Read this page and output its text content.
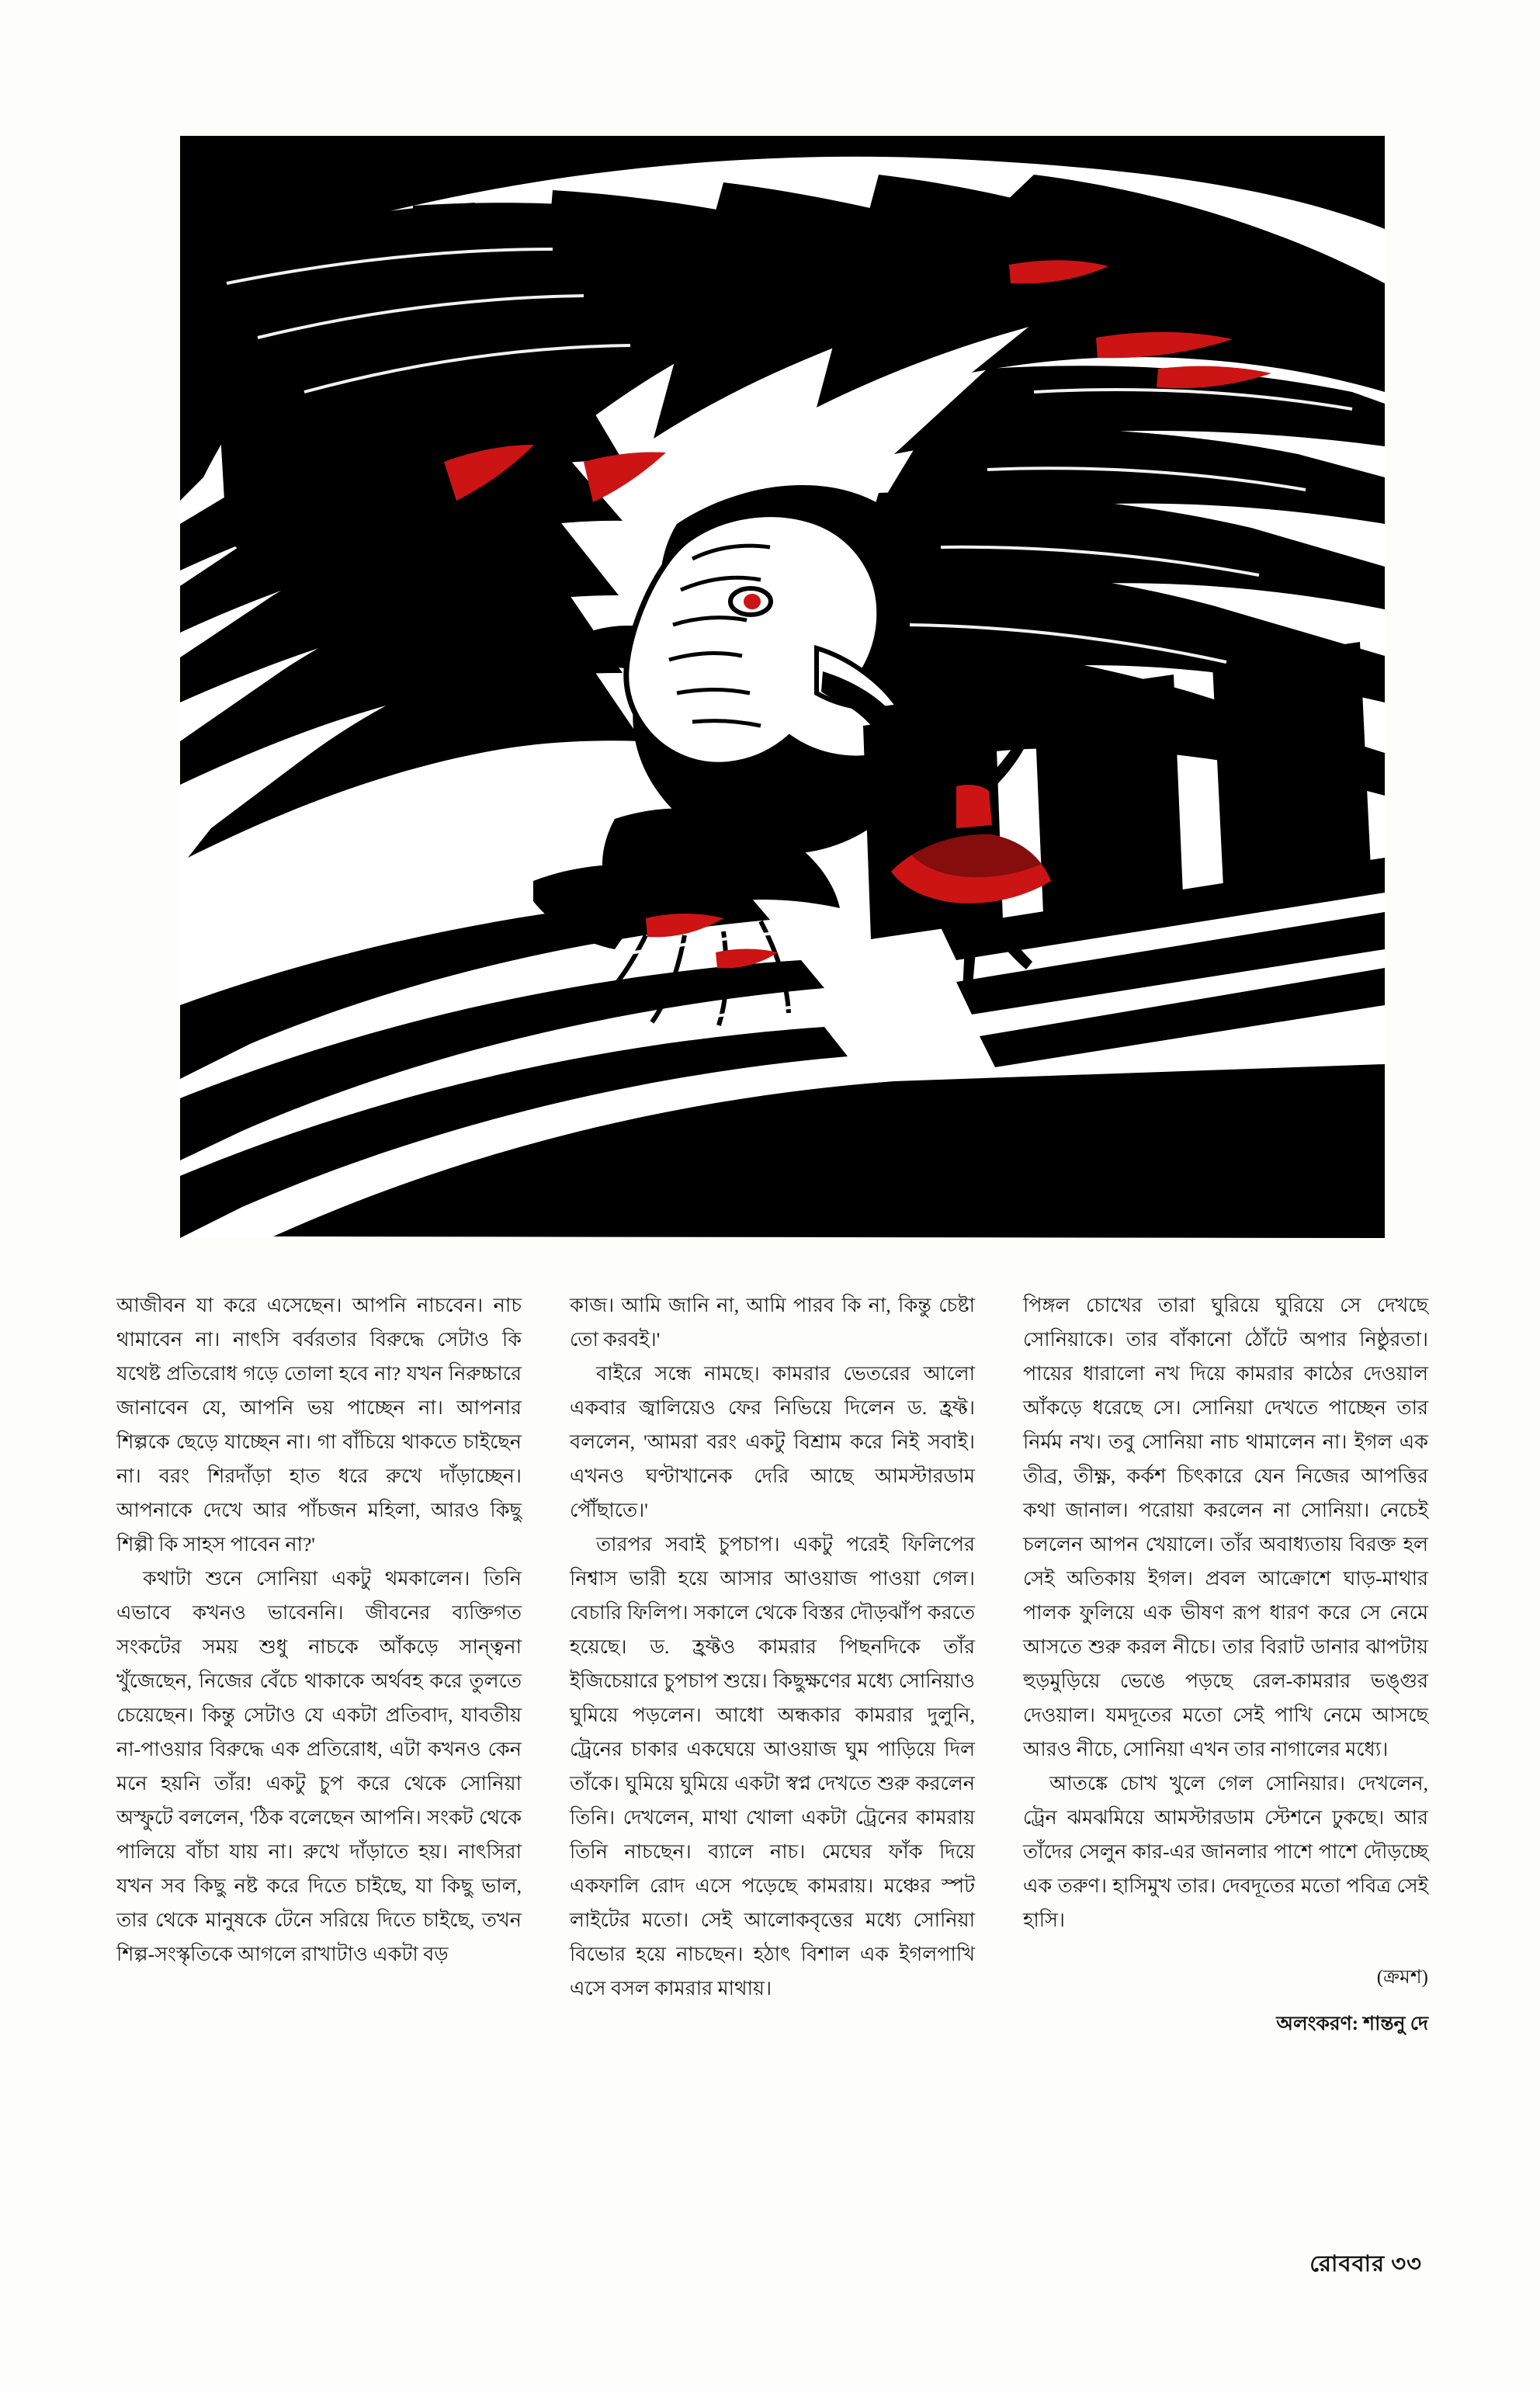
আজীবন যা করে এসেছেন। আপনি নাচবেন। নাচ থামাবেন না। নাৎসি বর্বরতার বিরুদ্ধে সেটাও কি যথেষ্ট প্রতিরোধ গড়ে তোলা হবে না? যখন নিরুচ্চারে জানাবেন যে, আপনি ভয় পাচ্ছেন না। আপনার শিল্পকে ছেড়ে যাচ্ছেন না। গা বাঁচিয়ে থাকতে চাইছেন না। বরং শিরদাঁড়া হাত ধরে রুখে দাঁড়াচ্ছেন। আপনাকে দেখে আর পাঁচজন মহিলা, আরও কিছু শিল্পী কি সাহস পাবেন না?'

কথাটা শুনে সোনিয়া একটু থমকালেন। তিনি এভাবে কখনও ভাবেননি। জীবনের ব্যক্তিগত সংকটের সময় শুধু নাচকে আঁকড়ে সান্ত্বনা খুঁজেছেন, নিজের বেঁচে থাকাকে অর্থবহ করে তুলতে চেয়েছেন। কিন্তু সেটাও যে একটা প্রতিবাদ, যাবতীয় না-পাওয়ার বিরুদ্ধে এক প্রতিরোধ, এটা কখনও কেন মনে হয়নি তাঁর! একটু চুপ করে থেকে সোনিয়া অস্ফুটে বললেন, 'ঠিক বলেছেন আপনি। সংকট থেকে পালিয়ে বাঁচা যায় না। রুখে দাঁড়াতে হয়। নাৎসিরা যখন সব কিছু নষ্ট করে দিতে চাইছে, যা কিছু ভাল, তার থেকে মানুষকে টেনে সরিয়ে দিতে চাইছে, তখন শিল্প-সংস্কৃতিকে আগলে রাখাটাও একটা বড়

কাজ। আমি জানি না, আমি পারব কি না, কিন্তু চেষ্টা তো করবই।'

বাইরে সন্ধে নামছে। কামরার ভেতরের আলো একবার জ্বালিয়েও ফের নিভিয়ে দিলেন ড. হ্রফ্ট। বললেন, 'আমরা বরং একটু বিশ্রাম করে নিই সবাই। এখনও ঘণ্টাখানেক দেরি আছে আমস্টারডাম পৌঁছাতে।'

তারপর সবাই চুপচাপ। একটু পরেই ফিলিপের নিশ্বাস ভারী হয়ে আসার আওয়াজ পাওয়া গেল। বেচারি ফিলিপ। সকালে থেকে বিস্তর দৌড়ঝাঁপ করতে হয়েছে। ড. হ্রফ্টও কামরার পিছনদিকে তাঁর ইজিচেয়ারে চুপচাপ শুয়ে। কিছুক্ষণের মধ্যে সোনিয়াও ঘুমিয়ে পড়লেন। আধো অন্ধকার কামরার দুলুনি, ট্রেনের চাকার একঘেয়ে আওয়াজ ঘুম পাড়িয়ে দিল তাঁকে। ঘুমিয়ে ঘুমিয়ে একটা স্বপ্ন দেখতে শুরু করলেন তিনি। দেখলেন, মাথা খোলা একটা ট্রেনের কামরায় তিনি নাচছেন। ব্যালে নাচ। মেঘের ফাঁক দিয়ে একফালি রোদ এসে পড়েছে কামরায়। মঞ্চের স্পট লাইটের মতো। সেই আলোকবৃত্তের মধ্যে সোনিয়া বিভোর হয়ে নাচছেন। হঠাৎ বিশাল এক ইগলপাখি এসে বসল কামরার মাথায়।

পিঙ্গল চোখের তারা ঘুরিয়ে ঘুরিয়ে সে দেখছে সোনিয়াকে। তার বাঁকানো ঠোঁটে অপার নিষ্ঠুরতা। পায়ের ধারালো নখ দিয়ে কামরার কাঠের দেওয়াল আঁকড়ে ধরেছে সে। সোনিয়া দেখতে পাচ্ছেন তার নির্মম নখ। তবু সোনিয়া নাচ থামালেন না। ইগল এক তীব্র, তীক্ষ্ণ, কর্কশ চিৎকারে যেন নিজের আপত্তির কথা জানাল। পরোয়া করলেন না সোনিয়া। নেচেই চললেন আপন খেয়ালে। তাঁর অবাধ্যতায় বিরক্ত হল সেই অতিকায় ইগল। প্রবল আক্রোশে ঘাড়-মাথার পালক ফুলিয়ে এক ভীষণ রূপ ধারণ করে সে নেমে আসতে শুরু করল নীচে। তার বিরাট ডানার ঝাপটায় হুড়মুড়িয়ে ভেঙে পড়ছে রেল-কামরার ভঙ্গুর দেওয়াল। যমদূতের মতো সেই পাখি নেমে আসছে আরও নীচে, সোনিয়া এখন তার নাগালের মধ্যে।

আতঙ্কে চোখ খুলে গেল সোনিয়ার। দেখলেন, ট্রেন ঝমঝমিয়ে আমস্টারডাম স্টেশনে ঢুকছে। আর তাঁদের সেলুন কার-এর জানলার পাশে পাশে দৌড়চ্ছে এক তরুণ। হাসিমুখ তার। দেবদূতের মতো পবিত্র সেই হাসি।

(ক্রমশ)
অলংকরণ: শান্তনু দে
রোববার ৩৩
